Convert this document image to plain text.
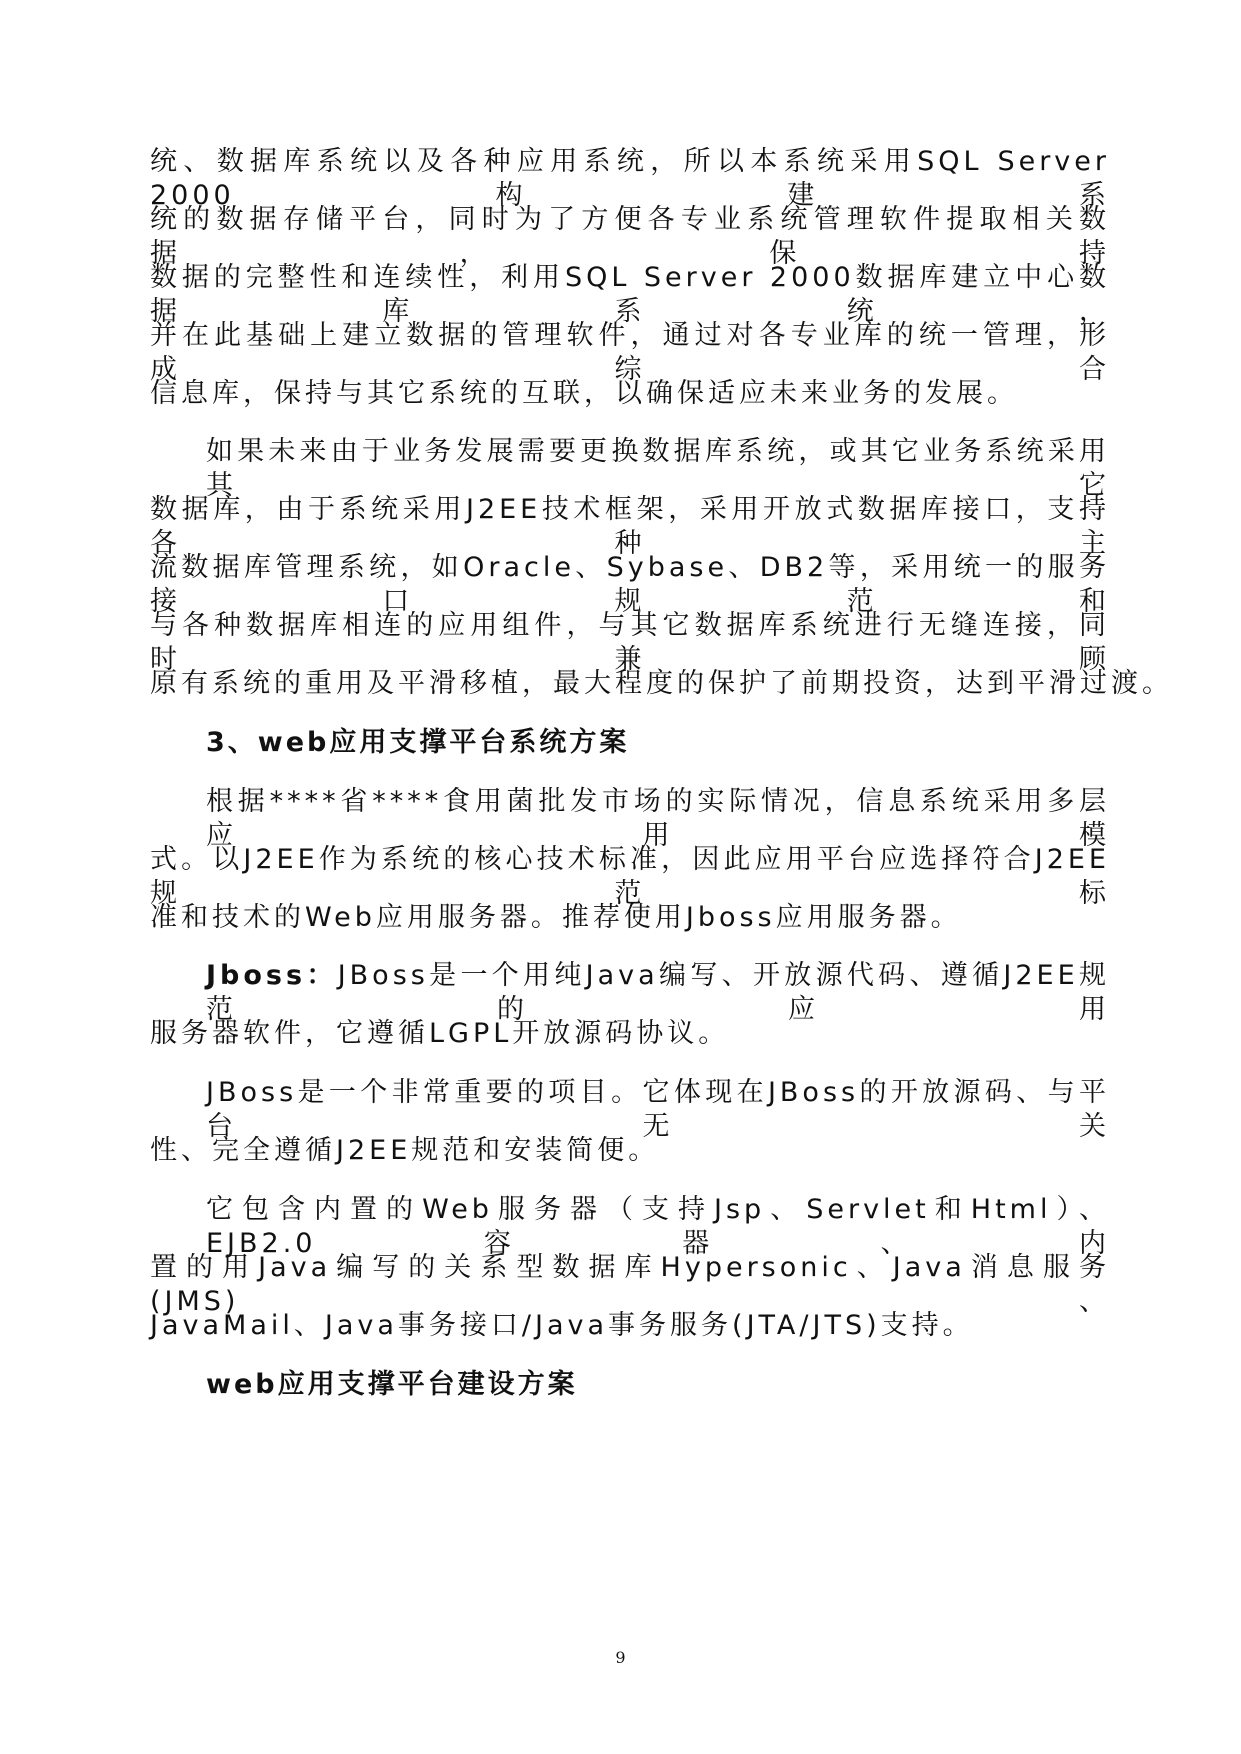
统、数据库系统以及各种应用系统，所以本系统采用SQL Server 2000构建系
统的数据存储平台，同时为了方便各专业系统管理软件提取相关数据，保持
数据的完整性和连续性，利用SQL Server 2000数据库建立中心数据库系统，
并在此基础上建立数据的管理软件，通过对各专业库的统一管理，形成综合
信息库，保持与其它系统的互联，以确保适应未来业务的发展。
如果未来由于业务发展需要更换数据库系统，或其它业务系统采用其它
数据库，由于系统采用J2EE技术框架，采用开放式数据库接口，支持各种主
流数据库管理系统，如Oracle、Sybase、DB2等，采用统一的服务接口规范和
与各种数据库相连的应用组件，与其它数据库系统进行无缝连接，同时兼顾
原有系统的重用及平滑移植，最大程度的保护了前期投资，达到平滑过渡。
3、web应用支撑平台系统方案
根据****省****食用菌批发市场的实际情况，信息系统采用多层应用模
式。以J2EE作为系统的核心技术标准，因此应用平台应选择符合J2EE规范标
准和技术的Web应用服务器。推荐使用Jboss应用服务器。
Jboss：JBoss是一个用纯Java编写、开放源代码、遵循J2EE规范的应用
服务器软件，它遵循LGPL开放源码协议。
JBoss是一个非常重要的项目。它体现在JBoss的开放源码、与平台无关
性、完全遵循J2EE规范和安装简便。
它包含内置的Web服务器（支持Jsp、Servlet和Html）、EJB2.0容器、内
置的用Java编写的关系型数据库Hypersonic、Java消息服务(JMS)、
JavaMail、Java事务接口/Java事务服务(JTA/JTS)支持。
web应用支撑平台建设方案
9
